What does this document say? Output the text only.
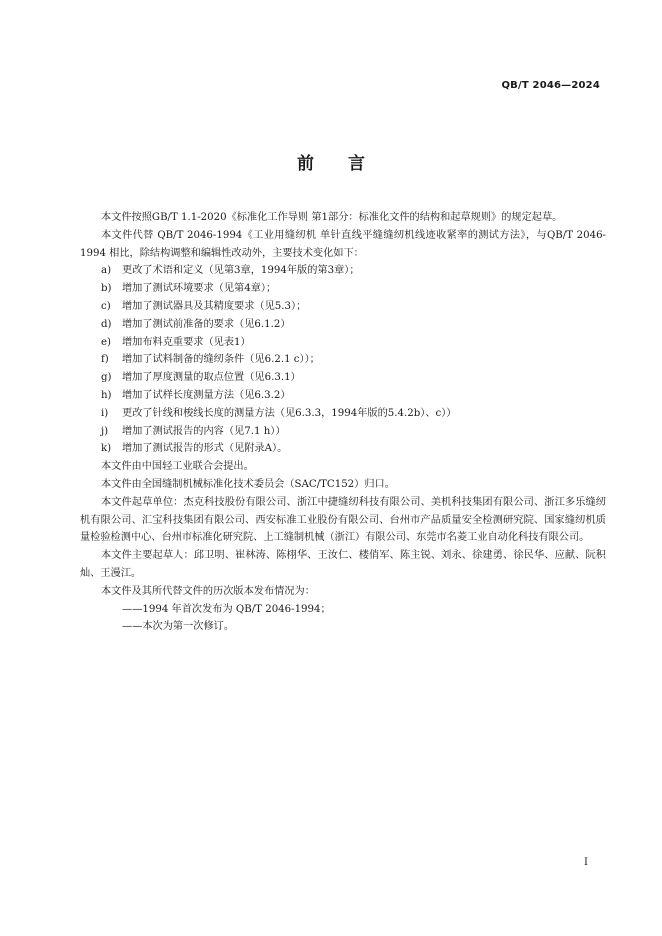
QB/T 2046—2024
前 言

本文件按照GB/T 1.1-2020《标准化工作导则 第1部分：标准化文件的结构和起草规则》的规定起草。

本文件代替 QB/T 2046-1994《工业用缝纫机 单针直线平缝缝纫机线迹收紧率的测试方法》，与QB/T 2046-1994 相比，除结构调整和编辑性改动外，主要技术变化如下：

a) 更改了术语和定义（见第3章，1994年版的第3章）；
b) 增加了测试环境要求（见第4章）；
c) 增加了测试器具及其精度要求（见5.3）；
d) 增加了测试前准备的要求（见6.1.2）
e) 增加布料克重要求（见表1）
f) 增加了试料制备的缝纫条件（见6.2.1 c））；
g) 增加了厚度测量的取点位置（见6.3.1）
h) 增加了试样长度测量方法（见6.3.2）
i) 更改了针线和梭线长度的测量方法（见6.3.3，1994年版的5.4.2b）、c））
j) 增加了测试报告的内容（见7.1 h））
k) 增加了测试报告的形式（见附录A）。

本文件由中国轻工业联合会提出。

本文件由全国缝制机械标准化技术委员会（SAC/TC152）归口。

本文件起草单位：杰克科技股份有限公司、浙江中捷缝纫科技有限公司、美机科技集团有限公司、浙江多乐缝纫机有限公司、汇宝科技集团有限公司、西安标准工业股份有限公司、台州市产品质量安全检测研究院、国家缝纫机质量检验检测中心、台州市标准化研究院、上工缝制机械（浙江）有限公司、东莞市名菱工业自动化科技有限公司。

本文件主要起草人：邱卫明、崔林涛、陈栩华、王汝仁、楼俏军、陈主锐、刘永、徐建勇、徐民华、应献、阮积灿、王漫江。

本文件及其所代替文件的历次版本发布情况为：

——1994 年首次发布为 QB/T 2046-1994；

——本次为第一次修订。

I
